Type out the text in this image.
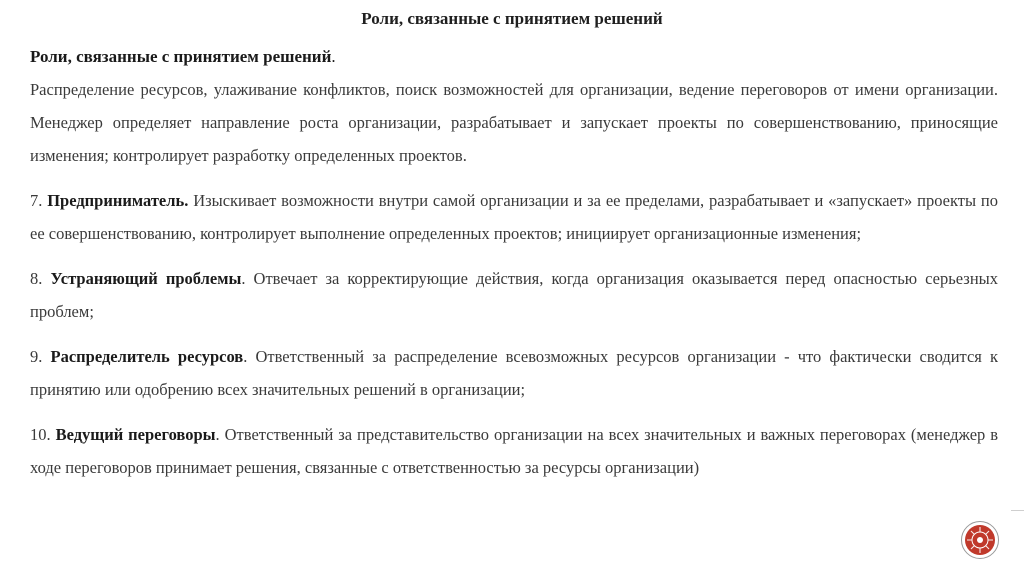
Роли, связанные с принятием решений

Роли, связанные с принятием решений.

Распределение ресурсов, улаживание конфликтов, поиск возможностей для организации, ведение переговоров от имени организации. Менеджер определяет направление роста организации, разрабатывает и запускает проекты по совершенствованию, приносящие изменения; контролирует разработку определенных проектов.

7. Предприниматель. Изыскивает возможности внутри самой организации и за ее пределами, разрабатывает и «запускает» проекты по ее совершенствованию, контролирует выполнение определенных проектов; инициирует организационные изменения;

8. Устраняющий проблемы. Отвечает за корректирующие действия, когда организация оказывается перед опасностью серьезных проблем;

9. Распределитель ресурсов. Ответственный за распределение всевозможных ресурсов организации - что фактически сводится к принятию или одобрению всех значительных решений в организации;

10. Ведущий переговоры. Ответственный за представительство организации на всех значительных и важных переговорах (менеджер в ходе переговоров принимает решения, связанные с ответственностью за ресурсы организации)
